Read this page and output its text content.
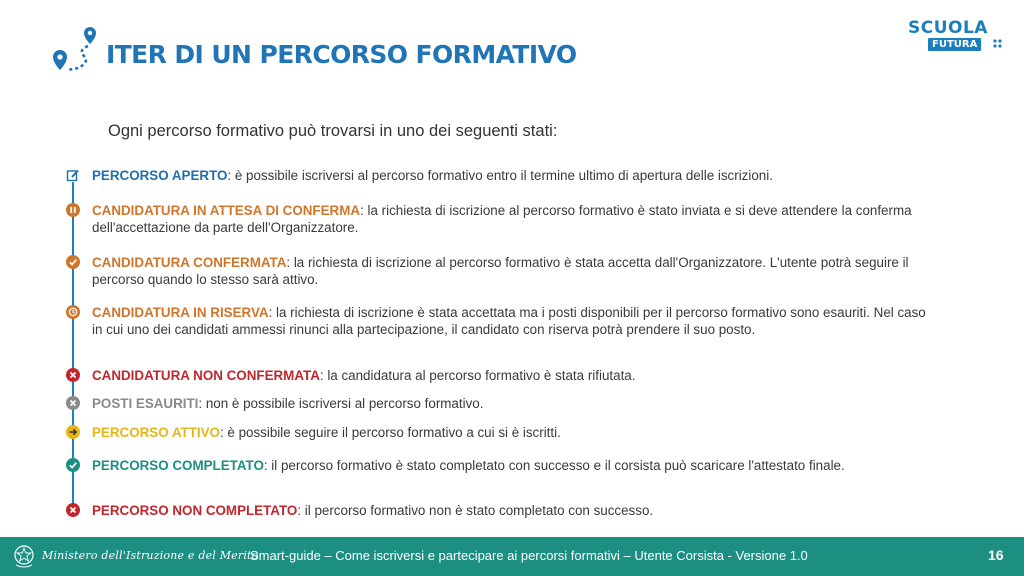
ITER DI UN PERCORSO FORMATIVO
SCUOLA
FUTURA
Ogni percorso formativo può trovarsi in uno dei seguenti stati:
PERCORSO APERTO: è possibile iscriversi al percorso formativo entro il termine ultimo di apertura delle iscrizioni.
CANDIDATURA IN ATTESA DI CONFERMA: la richiesta di iscrizione al percorso formativo è stato inviata e si deve attendere la conferma dell'accettazione da parte dell'Organizzatore.
CANDIDATURA CONFERMATA: la richiesta di iscrizione al percorso formativo è stata accetta dall'Organizzatore. L'utente potrà seguire il percorso quando lo stesso sarà attivo.
CANDIDATURA IN RISERVA: la richiesta di iscrizione è stata accettata ma i posti disponibili per il percorso formativo sono esauriti. Nel caso in cui uno dei candidati ammessi rinunci alla partecipazione, il candidato con riserva potrà prendere il suo posto.
CANDIDATURA NON CONFERMATA: la candidatura al percorso formativo è stata rifiutata.
POSTI ESAURITI: non è possibile iscriversi al percorso formativo.
PERCORSO ATTIVO: è possibile seguire il percorso formativo a cui si è iscritti.
PERCORSO COMPLETATO: il percorso formativo è stato completato con successo e il corsista può scaricare l'attestato finale.
PERCORSO NON COMPLETATO: il percorso formativo non è stato completato con successo.
Ministero dell'Istruzione e del Merito
Smart-guide – Come iscriversi e partecipare ai percorsi formativi – Utente Corsista - Versione 1.0	16
